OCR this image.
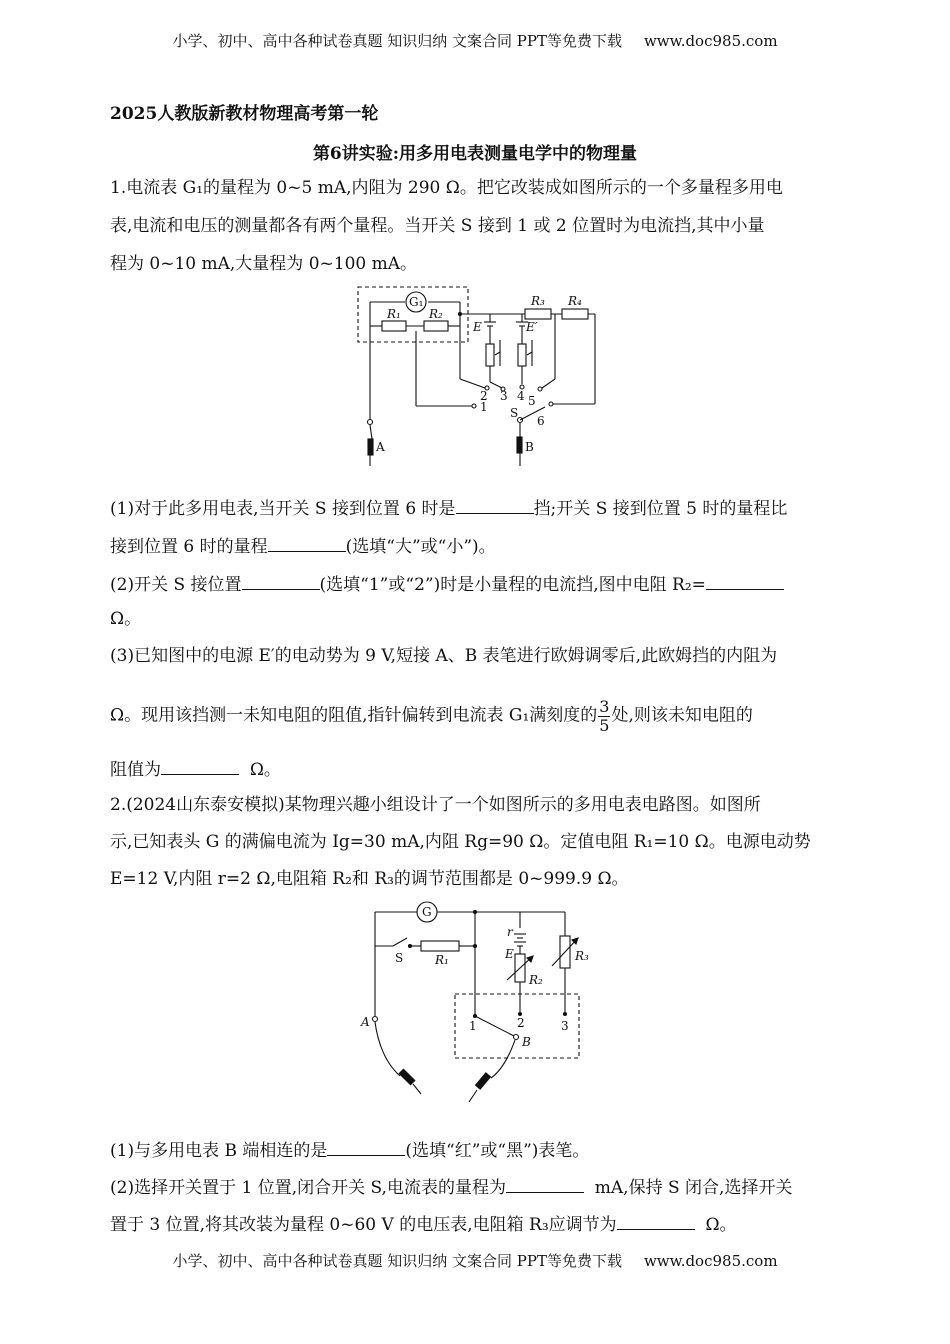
小学、初中、高中各种试卷真题 知识归纳 文案合同 PPT等免费下载 www.doc985.com
2025人教版新教材物理高考第一轮
第6讲实验:用多用电表测量电学中的物理量
1.电流表 G₁的量程为 0~5 mA,内阻为 290 Ω。把它改装成如图所示的一个多量程多用电
表,电流和电压的测量都各有两个量程。当开关 S 接到 1 或 2 位置时为电流挡,其中小量
程为 0~10 mA,大量程为 0~100 mA。
G₁
R₁ R₂
A
2
1
E
3
E′
4
R₃ R₄
5
6
S
B
(1)对于此多用电表,当开关 S 接到位置 6 时是	挡;开关 S 接到位置 5 时的量程比
接到位置 6 时的量程	(选填“大”或“小”)。
(2)开关 S 接位置	(选填“1”或“2”)时是小量程的电流挡,图中电阻 R₂=
Ω。
(3)已知图中的电源 E′的电动势为 9 V,短接 A、B 表笔进行欧姆调零后,此欧姆挡的内阻为
Ω。现用该挡测一未知电阻的阻值,指针偏转到电流表 G₁满刻度的 $\frac{3}{5}$ 处,则该未知电阻的
阻值为	Ω。
2.(2024山东泰安模拟)某物理兴趣小组设计了一个如图所示的多用电表电路图。如图所
示,已知表头 G 的满偏电流为 Ig=30 mA,内阻 Rg=90 Ω。定值电阻 R₁=10 Ω。电源电动势
E=12 V,内阻 r=2 Ω,电阻箱 R₂和 R₃的调节范围都是 0~999.9 Ω。
G
A
S	R₁
1
r
E
R₂
2
R₃
3
B
(1)与多用电表 B 端相连的是	(选填“红”或“黑”)表笔。
(2)选择开关置于 1 位置,闭合开关 S,电流表的量程为	mA,保持 S 闭合,选择开关
置于 3 位置,将其改装为量程 0~60 V 的电压表,电阻箱 R₃应调节为	Ω。
小学、初中、高中各种试卷真题 知识归纳 文案合同 PPT等免费下载 www.doc985.com
